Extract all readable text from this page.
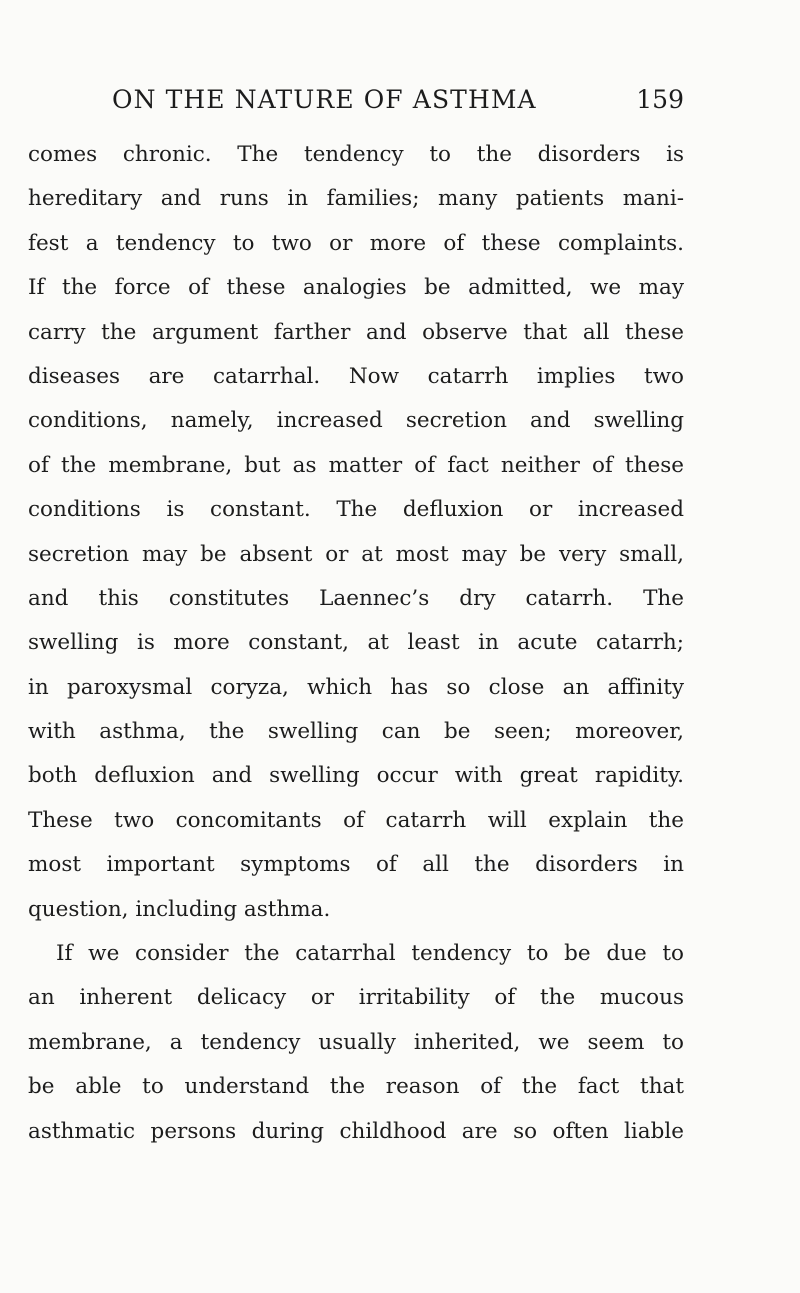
ON THE NATURE OF ASTHMA	159
comes chronic. The tendency to the disorders is
hereditary and runs in families; many patients mani-
fest a tendency to two or more of these complaints.
If the force of these analogies be admitted, we may
carry the argument farther and observe that all these
diseases are catarrhal. Now catarrh implies two
conditions, namely, increased secretion and swelling
of the membrane, but as matter of fact neither of these
conditions is constant. The defluxion or increased
secretion may be absent or at most may be very small,
and this constitutes Laennec’s dry catarrh. The
swelling is more constant, at least in acute catarrh;
in paroxysmal coryza, which has so close an affinity
with asthma, the swelling can be seen; moreover,
both defluxion and swelling occur with great rapidity.
These two concomitants of catarrh will explain the
most important symptoms of all the disorders in
question, including asthma.
If we consider the catarrhal tendency to be due to
an inherent delicacy or irritability of the mucous
membrane, a tendency usually inherited, we seem to
be able to understand the reason of the fact that
asthmatic persons during childhood are so often liable
